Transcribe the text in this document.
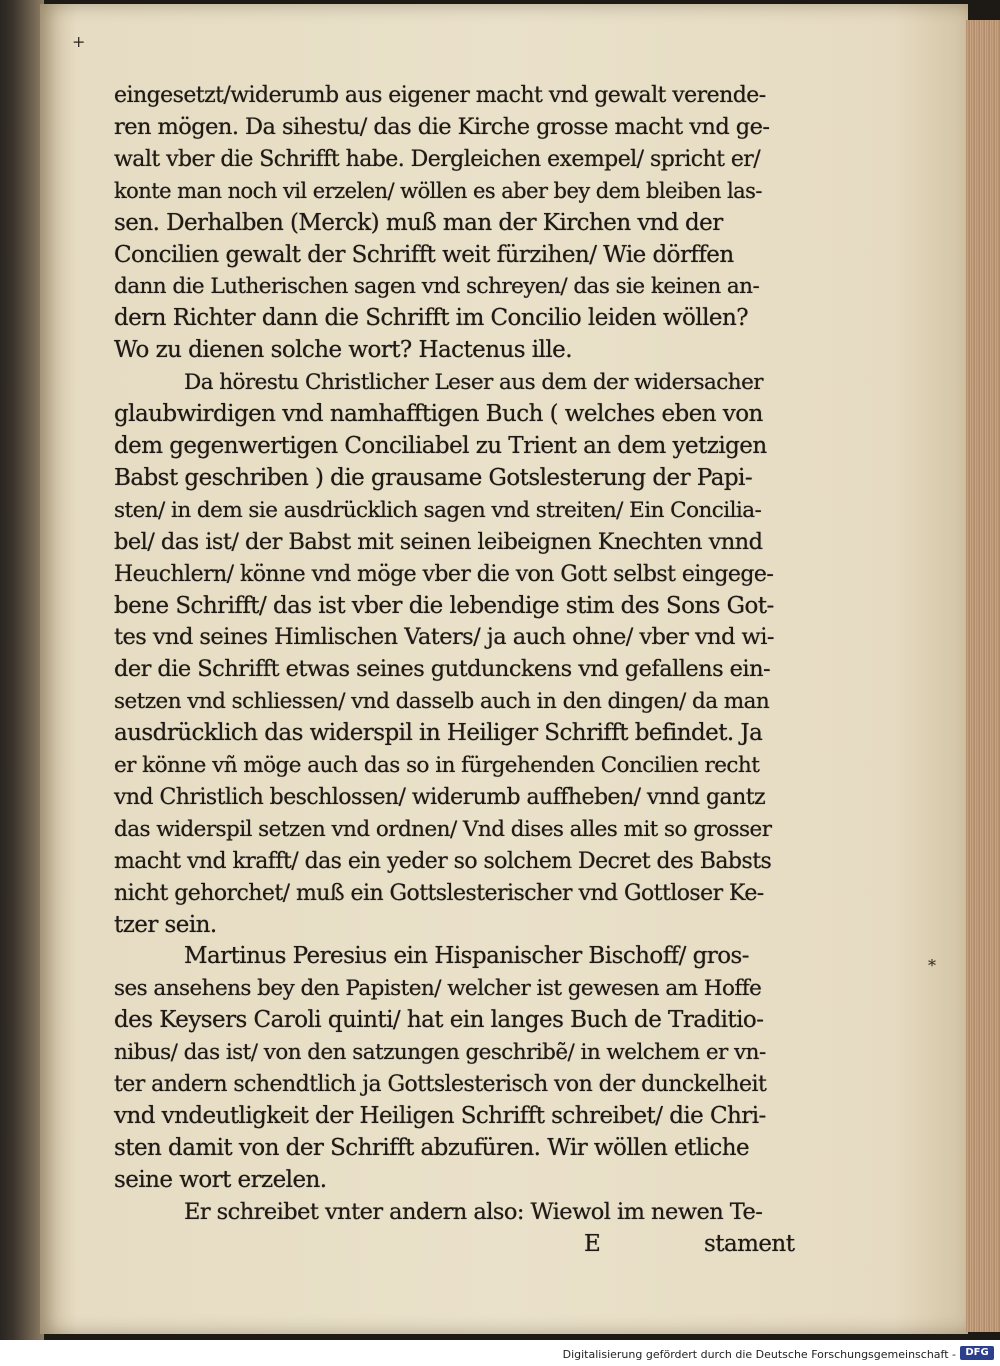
+
*
eingesetzt/widerumb aus eigener macht vnd gewalt verende-
ren mögen. Da sihestu/ das die Kirche grosse macht vnd ge-
walt vber die Schrifft habe. Dergleichen exempel/ spricht er/
konte man noch vil erzelen/ wöllen es aber bey dem bleiben las-
sen. Derhalben (Merck) muß man der Kirchen vnd der
Concilien gewalt der Schrifft weit fürzihen/ Wie dörffen
dann die Lutherischen sagen vnd schreyen/ das sie keinen an-
dern Richter dann die Schrifft im Concilio leiden wöllen?
Wo zu dienen solche wort? Hactenus ille.
Da hörestu Christlicher Leser aus dem der widersacher
glaubwirdigen vnd namhafftigen Buch ( welches eben von
dem gegenwertigen Conciliabel zu Trient an dem yetzigen
Babst geschriben ) die grausame Gotslesterung der Papi-
sten/ in dem sie ausdrücklich sagen vnd streiten/ Ein Concilia-
bel/ das ist/ der Babst mit seinen leibeignen Knechten vnnd
Heuchlern/ könne vnd möge vber die von Gott selbst eingege-
bene Schrifft/ das ist vber die lebendige stim des Sons Got-
tes vnd seines Himlischen Vaters/ ja auch ohne/ vber vnd wi-
der die Schrifft etwas seines gutdunckens vnd gefallens ein-
setzen vnd schliessen/ vnd dasselb auch in den dingen/ da man
ausdrücklich das widerspil in Heiliger Schrifft befindet. Ja
er könne vñ möge auch das so in fürgehenden Concilien recht
vnd Christlich beschlossen/ widerumb auffheben/ vnnd gantz
das widerspil setzen vnd ordnen/ Vnd dises alles mit so grosser
macht vnd krafft/ das ein yeder so solchem Decret des Babsts
nicht gehorchet/ muß ein Gottslesterischer vnd Gottloser Ke-
tzer sein.
Martinus Peresius ein Hispanischer Bischoff/ gros-
ses ansehens bey den Papisten/ welcher ist gewesen am Hoffe
des Keysers Caroli quinti/ hat ein langes Buch de Traditio-
nibus/ das ist/ von den satzungen geschribẽ/ in welchem er vn-
ter andern schendtlich ja Gottslesterisch von der dunckelheit
vnd vndeutligkeit der Heiligen Schrifft schreibet/ die Chri-
sten damit von der Schrifft abzufüren. Wir wöllen etliche
seine wort erzelen.
Er schreibet vnter andern also: Wiewol im newen Te-
E	stament
Digitalisierung gefördert durch die Deutsche Forschungsgemeinschaft - DFG
